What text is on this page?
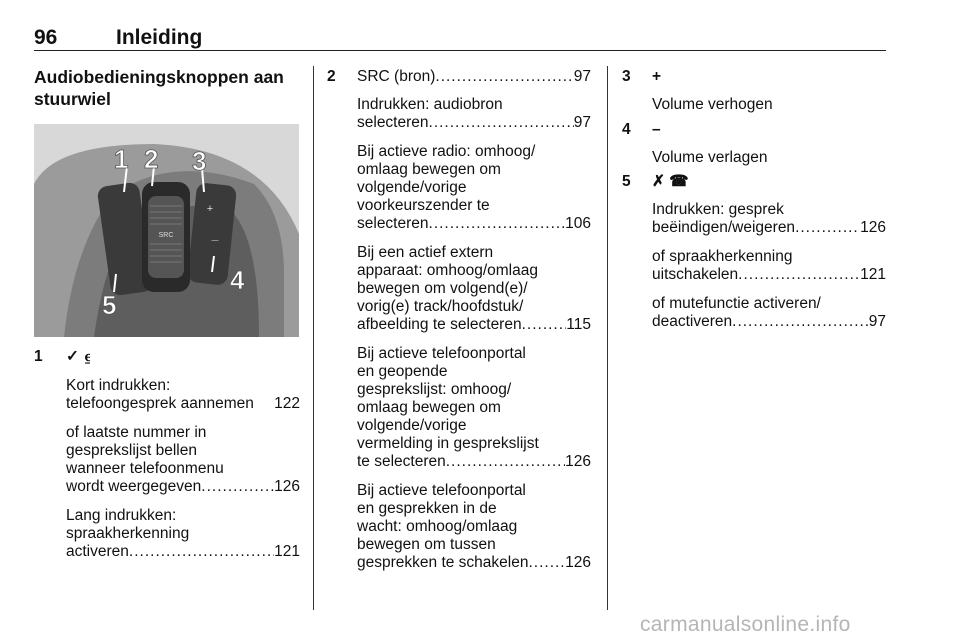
96	Inleiding
Audiobedieningsknoppen aan
stuurwiel
SRC
+
—
1 2 3
4
5
1 ✓ ⍷
Kort indrukken:
telefoongesprek aannemen 122
of laatste nummer in
gesprekslijst bellen
wanneer telefoonmenu
wordt weergegeven .....	126
Lang indrukken:
spraakherkenning
activeren .....	121
2 SRC (bron) .....	97
Indrukken: audiobron
selecteren .....	97
Bij actieve radio: omhoog/
omlaag bewegen om
volgende/vorige
voorkeurszender te
selecteren .....	106
Bij een actief extern
apparaat: omhoog/omlaag
bewegen om volgend(e)/
vorig(e) track/hoofdstuk/
afbeelding te selecteren .....	115
Bij actieve telefoonportal
en geopende
gesprekslijst: omhoog/
omlaag bewegen om
volgende/vorige
vermelding in gesprekslijst
te selecteren .....	126
Bij actieve telefoonportal
en gesprekken in de
wacht: omhoog/omlaag
bewegen om tussen
gesprekken te schakelen ..... 126
3 +
Volume verhogen
4 –
Volume verlagen
5 ✗ ☎
Indrukken: gesprek
beëindigen/weigeren .....	126
of spraakherkenning
uitschakelen .....	121
of mutefunctie activeren/
deactiveren .....	97
carmanualsonline.info
